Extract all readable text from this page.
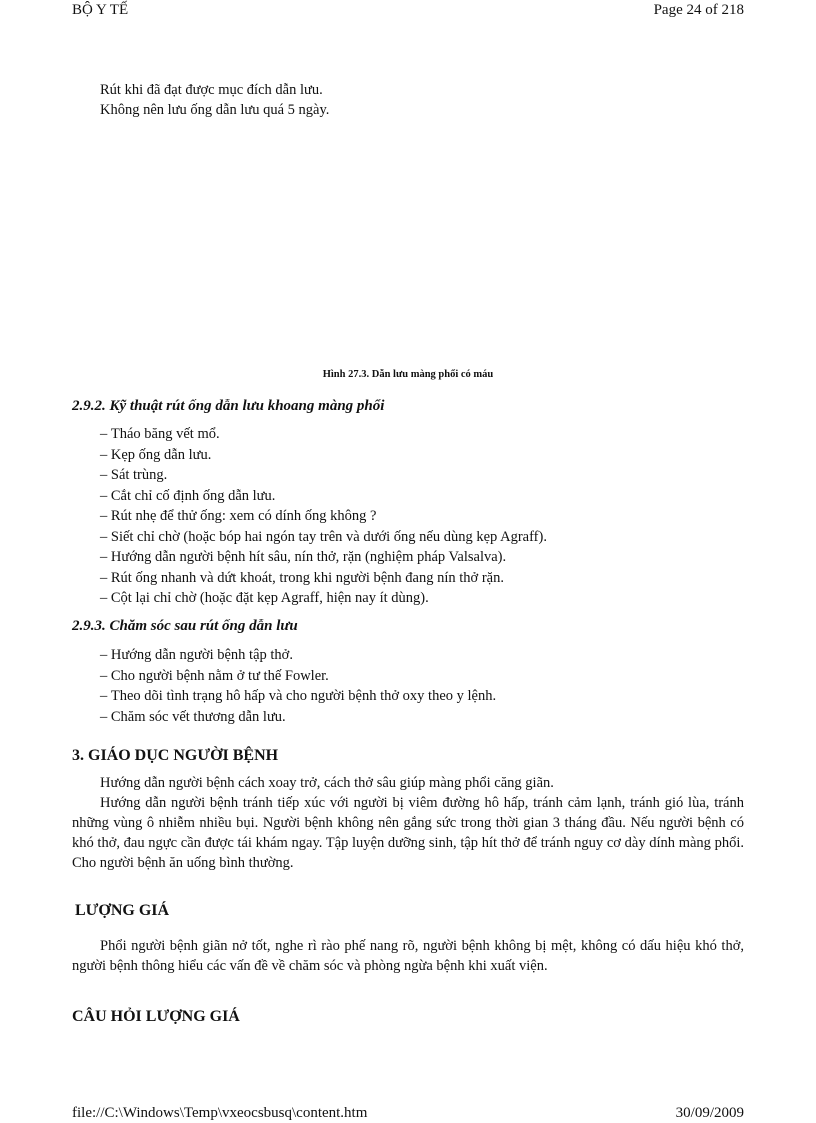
BỘ Y TẾ	Page 24 of 218
Rút khi đã đạt được mục đích dẫn lưu.
Không nên lưu ống dẫn lưu quá 5 ngày.
Hình 27.3. Dẫn lưu màng phổi có máu
2.9.2. Kỹ thuật rút ống dẫn lưu khoang màng phổi
– Tháo băng vết mổ.
– Kẹp ống dẫn lưu.
– Sát trùng.
– Cắt chỉ cố định ống dẫn lưu.
– Rút nhẹ để thử ống: xem có dính ống không ?
– Siết chỉ chờ (hoặc bóp hai ngón tay trên và dưới ống nếu dùng kẹp Agraff).
– Hướng dẫn người bệnh hít sâu, nín thở, rặn (nghiệm pháp Valsalva).
– Rút ống nhanh và dứt khoát, trong khi người bệnh đang nín thở rặn.
– Cột lại chỉ chờ (hoặc đặt kẹp Agraff, hiện nay ít dùng).
2.9.3. Chăm sóc sau rút ống dẫn lưu
– Hướng dẫn người bệnh tập thở.
– Cho người bệnh nằm ở tư thế Fowler.
– Theo dõi tình trạng hô hấp và cho người bệnh thở oxy theo y lệnh.
– Chăm sóc vết thương dẫn lưu.
3. GIÁO DỤC NGƯỜI BỆNH
Hướng dẫn người bệnh cách xoay trở, cách thở sâu giúp màng phổi căng giãn.
Hướng dẫn người bệnh tránh tiếp xúc với người bị viêm đường hô hấp, tránh cảm lạnh, tránh gió lùa, tránh những vùng ô nhiễm nhiều bụi. Người bệnh không nên gắng sức trong thời gian 3 tháng đầu. Nếu người bệnh có khó thở, đau ngực cần được tái khám ngay. Tập luyện dưỡng sinh, tập hít thở để tránh nguy cơ dày dính màng phổi. Cho người bệnh ăn uống bình thường.
LƯỢNG GIÁ
Phổi người bệnh giãn nở tốt, nghe rì rào phế nang rõ, người bệnh không bị mệt, không có dấu hiệu khó thở, người bệnh thông hiểu các vấn đề về chăm sóc và phòng ngừa bệnh khi xuất viện.
CÂU HỎI LƯỢNG GIÁ
file://C:\Windows\Temp\vxeocsbusq\content.htm	30/09/2009
